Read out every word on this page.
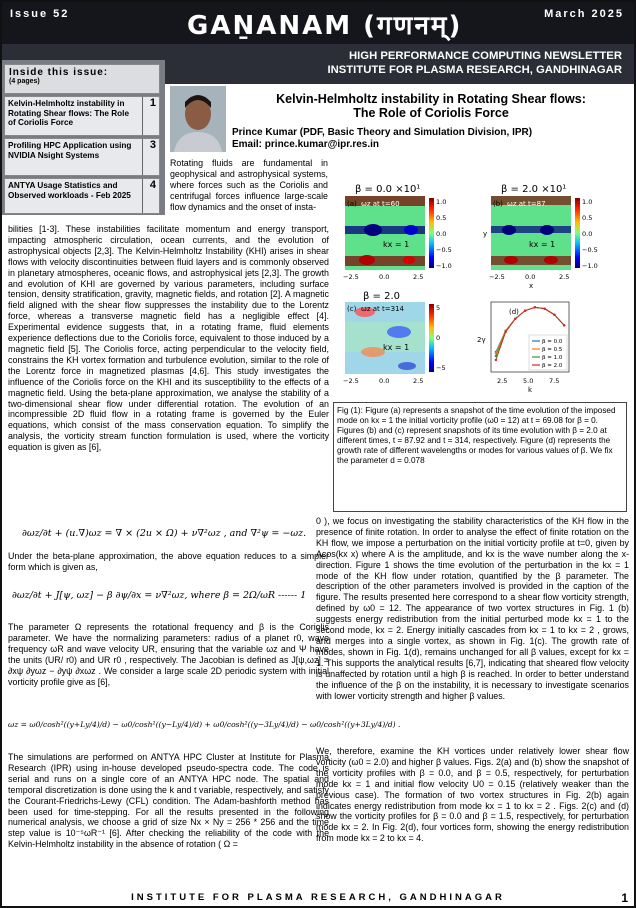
Issue 52	GAṈANAM (गणनम्)	March 2025
HIGH PERFORMANCE COMPUTING NEWSLETTER
INSTITUTE FOR PLASMA RESEARCH, GANDHINAGAR
Inside this issue:
(4 pages)
Kelvin-Helmholtz instability in Rotating Shear flows: The Role of Coriolis Force
1
Profiling HPC Application using NVIDIA Nsight Systems
3
ANTYA Usage Statistics and Observed workloads - Feb 2025
4
Kelvin-Helmholtz instability in Rotating Shear flows:
The Role of Coriolis Force
Prince Kumar (PDF, Basic Theory and Simulation Division, IPR)
Email: prince.kumar@ipr.res.in
Rotating fluids are fundamental in geophysical and astrophysical systems, where forces such as the Coriolis and centrifugal forces influence large-scale flow dynamics and the onset of insta-
bilities [1-3]. These instabilities facilitate momentum and energy transport, impacting atmospheric circulation, ocean currents, and the evolution of astrophysical objects [2,3]. The Kelvin-Helmholtz Instability (KHI) arises in shear flows with velocity discontinuities between fluid layers and is commonly observed in planetary atmospheres, oceanic flows, and astrophysical jets [2,3]. The growth and evolution of KHI are governed by various parameters, including surface tension, density stratification, gravity, magnetic fields, and rotation [2]. A magnetic field aligned with the shear flow suppresses the instability due to the Lorentz force, whereas a transverse magnetic field has a negligible effect [4]. Experimental evidence suggests that, in a rotating frame, fluid elements experience deflections due to the Coriolis force, equivalent to those induced by a magnetic field [5]. The Coriolis force, acting perpendicular to the velocity field, constrains the KH vortex formation and turbulence evolution, similar to the role of the Lorentz force in magnetized plasmas [4,6]. This study investigates the influence of the Coriolis force on the KHI and its susceptibility to the effects of a magnetic field. Using the beta-plane approximation, we analyse the stability of a two-dimensional shear flow under differential rotation. The evolution of an incompressible 2D fluid flow in a rotating frame is governed by the Euler equations, which consist of the mass conservation equation. To simplify the analysis, the vorticity stream function formulation is used, where the vorticity equation is given as [6],
∂ωz/∂t + (u.∇)ωz = ∇ × (2u × Ω) + ν∇²ωz , and ∇²ψ = −ωz.
Under the beta-plane approximation, the above equation reduces to a simpler form which is given as,
∂ωz/∂t + J[ψ, ωz] − β ∂ψ/∂x = ν∇²ωz, where β = 2Ω/ωR ------ 1
The parameter Ω represents the rotational frequency and β is the Coriolis parameter. We have the normalizing parameters: radius of a planet r0, wave frequency ωR and wave velocity UR, ensuring that the variable ωz and Ψ have the units (UR/ r0) and UR r0 , respectively. The Jacobian is defined as J[ψ,ωz] = ∂xψ ∂yωz − ∂yψ ∂xωz . We consider a large scale 2D periodic system with initial vorticity profile give as [6],
ωz = ω0/cosh²((y+Ly/4)/d) − ω0/cosh²((y−Ly/4)/d) + ω0/cosh²((y−3Ly/4)/d) − ω0/cosh²((y+3Ly/4)/d) .
The simulations are performed on ANTYA HPC Cluster at Institute for Plasma Research (IPR) using in-house developed pseudo-spectra code. The code is serial and runs on a single core of an ANTYA HPC node. The spatial and temporal discretization is done using the k and t variable, respectively, and satisfy the Courant-Friedrichs-Lewy (CFL) condition. The Adam-bashforth method has been used for time-stepping. For all the results presented in the following numerical analysis, we choose a grid of size Nx × Ny = 256 * 256 and the time step value is 10⁻⁵ωR⁻¹ [6]. After checking the reliability of the code with the Kelvin-Helmholtz instability in the absence of rotation ( Ω =
0 ), we focus on investigating the stability characteristics of the KH flow in the presence of finite rotation. In order to analyse the effect of finite rotation on the KH flow, we impose a perturbation on the initial vorticity profile at t=0, given by Acos(kx x) where A is the amplitude, and kx is the wave number along the x-direction. Figure 1 shows the time evolution of the perturbation in the kx = 1 mode of the KH flow under rotation, quantified by the β parameter. The description of the other parameters involved is provided in the caption of the figure. The results presented here correspond to a shear flow vorticity strength, defined by ω0 = 12. The appearance of two vortex structures in Fig. 1 (b) suggests energy redistribution from the initial perturbed mode kx = 1 to the second mode, kx = 2. Energy initially cascades from kx = 1 to kx = 2 , grows, and merges into a single vortex, as shown in Fig. 1(c). The growth rate of modes, shown in Fig. 1(d), remains unchanged for all β values, except for kx = 1. This supports the analytical results [6,7], indicating that sheared flow velocity is unaffected by rotation until a high β is reached. In order to better understand the influence of the β on the instability, it is necessary to investigate scenarios with lower vorticity strength and higher β values.
We, therefore, examine the KH vortices under relatively lower shear flow vorticity (ω0 = 2.0) and higher β values. Figs. 2(a) and (b) show the snapshot of the vorticity profiles with β = 0.0, and β = 0.5, respectively, for perturbation mode kx = 1 and initial flow velocity U0 = 0.15 (relatively weaker than the previous case). The formation of two vortex structures in Fig. 2(b) again indicates energy redistribution from mode kx = 1 to kx = 2 . Figs. 2(c) and (d) show the vorticity profiles for β = 0.0 and β = 1.5, respectively, for perturbation mode kx = 2. In Fig. 2(d), four vortices form, showing the energy redistribution from mode kx = 2 to kx = 4.
β = 0.0 ×10¹
(a) ωz at t=60
kx = 1
1.0
0.5
0.0
−0.5
−1.0
−2.5	0.0	2.5
β = 2.0 ×10¹
(b) ωz at t=87
kx = 1
1.0
0.5
0.0
−0.5
−1.0
y
−2.5	0.0	2.5
x
β = 2.0
(c) ωz at t=314
kx = 1
5
0
−5
−2.5	0.0	2.5
(d)
2γ
2.5 5.0 7.5
k
β = 0.0
β = 0.5
β = 1.0
β = 2.0
Fig (1): Figure (a) represents a snapshot of the time evolution of the imposed mode on kx = 1 the initial vorticity profile (ω0 = 12) at t = 69.08 for β = 0. Figures (b) and (c) represent snapshots of its time evolution with β = 2.0 at different times, t = 87.92 and t = 314, respectively. Figure (d) represents the growth rate of different wavelengths or modes for various values of β. We fix the parameter d = 0.078
INSTITUTE FOR PLASMA RESEARCH, GANDHINAGAR	1
